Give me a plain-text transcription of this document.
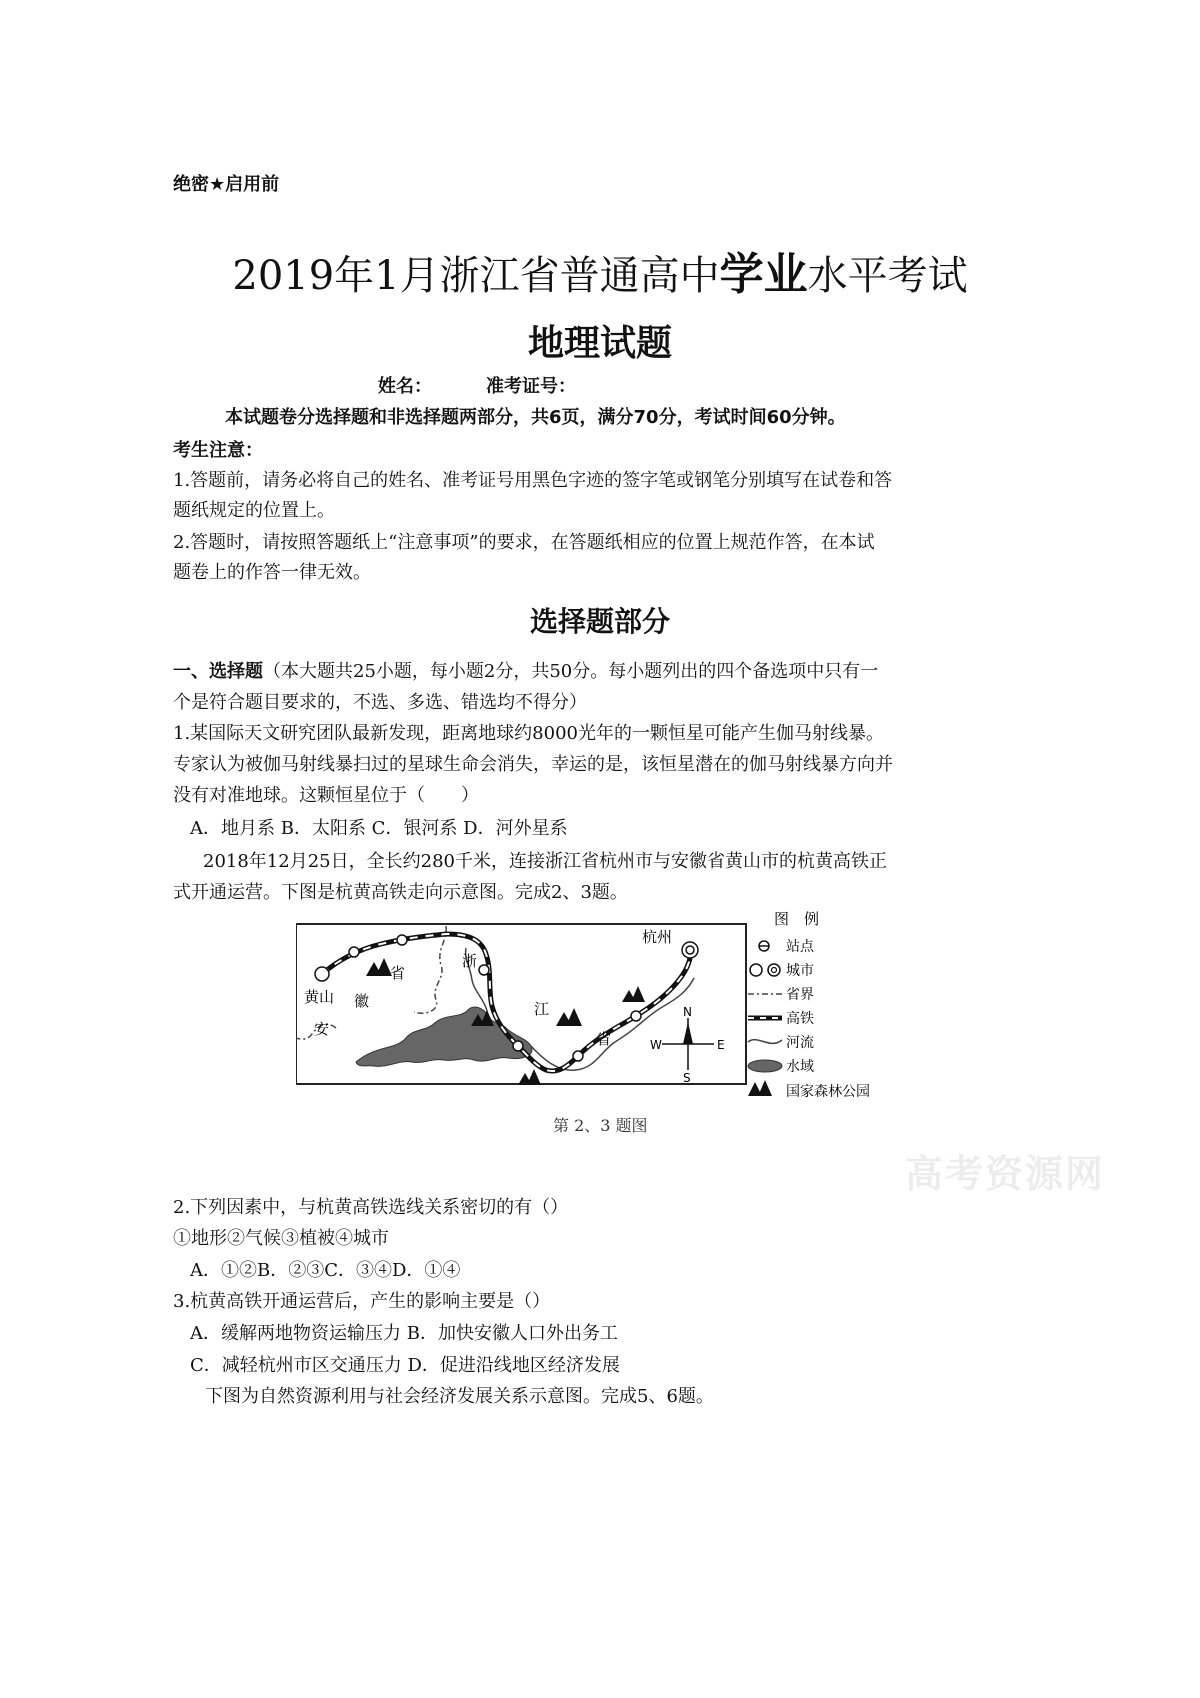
绝密★启用前
2019年1月浙江省普通高中学业水平考试
地理试题
姓名：	准考证号：
本试题卷分选择题和非选择题两部分，共6页，满分70分，考试时间60分钟。
考生注意：
1.答题前，请务必将自己的姓名、准考证号用黑色字迹的签字笔或钢笔分别填写在试卷和答
题纸规定的位置上。
2.答题时，请按照答题纸上“注意事项”的要求，在答题纸相应的位置上规范作答，在本试
题卷上的作答一律无效。
选择题部分
一、选择题（本大题共25小题，每小题2分，共50分。每小题列出的四个备选项中只有一
个是符合题目要求的，不选、多选、错选均不得分）
1.某国际天文研究团队最新发现，距离地球约8000光年的一颗恒星可能产生伽马射线暴。
专家认为被伽马射线暴扫过的星球生命会消失，幸运的是，该恒星潜在的伽马射线暴方向并
没有对准地球。这颗恒星位于（　　）
A．地月系 B．太阳系 C．银河系 D．河外星系
2018年12月25日，全长约280千米，连接浙江省杭州市与安徽省黄山市的杭黄高铁正
式开通运营。下图是杭黄高铁走向示意图。完成2、3题。
黄山
杭州
安
徽
省
浙
江
省
N
S
W	E
图　例
站点
城市
省界
高铁
河流
水域
国家森林公园
第 2、3 题图
高考资源网
2.下列因素中，与杭黄高铁选线关系密切的有（）
①地形②气候③植被④城市
A．①②B．②③C．③④D．①④
3.杭黄高铁开通运营后，产生的影响主要是（）
A．缓解两地物资运输压力 B．加快安徽人口外出务工
C．减轻杭州市区交通压力 D．促进沿线地区经济发展
下图为自然资源利用与社会经济发展关系示意图。完成5、6题。
